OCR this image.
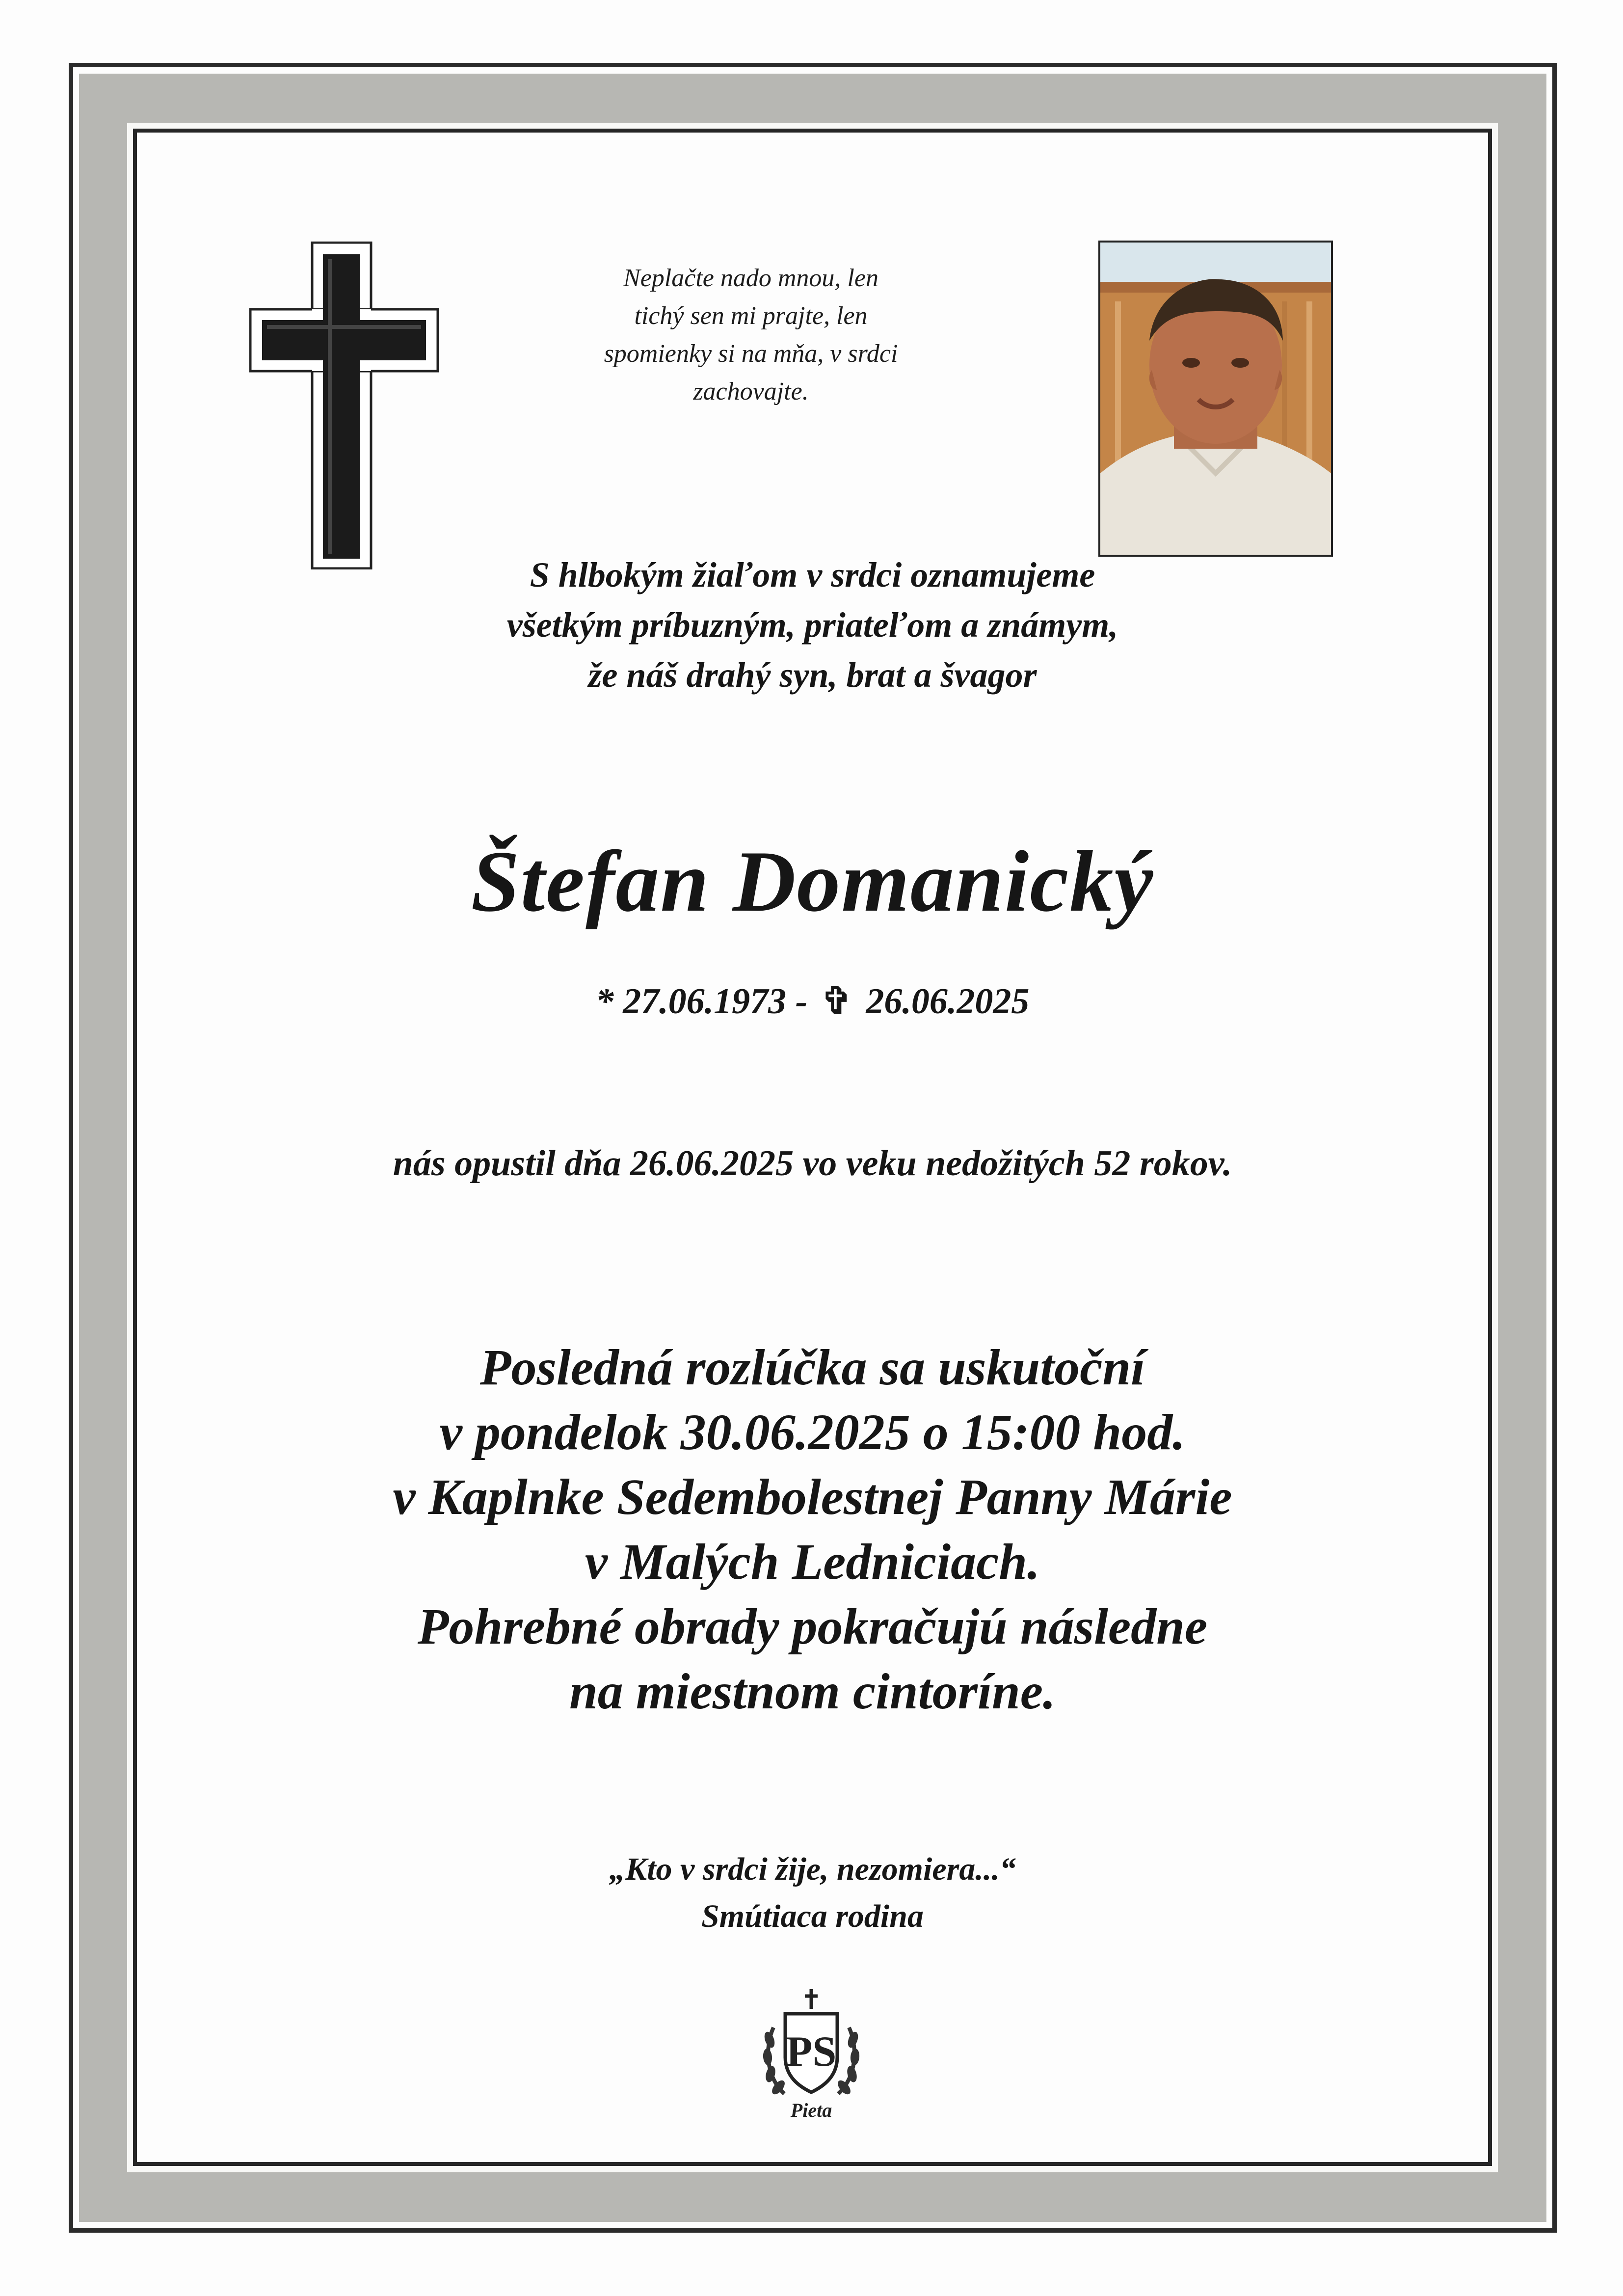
Neplačte nado mnou, len
tichý sen mi prajte, len
spomienky si na mňa, v srdci
zachovajte.
S hlbokým žiaľom v srdci oznamujeme
všetkým príbuzným, priateľom a známym,
že náš drahý syn, brat a švagor
Štefan Domanický
* 27.06.1973 - ✞ 26.06.2025
nás opustil dňa 26.06.2025 vo veku nedožitých 52 rokov.
Posledná rozlúčka sa uskutoční
v pondelok 30.06.2025 o 15:00 hod.
v Kaplnke Sedembolestnej Panny Márie
v Malých Ledniciach.
Pohrebné obrady pokračujú následne
na miestnom cintoríne.
„Kto v srdci žije, nezomiera...“
Smútiaca rodina
PS
Pieta
